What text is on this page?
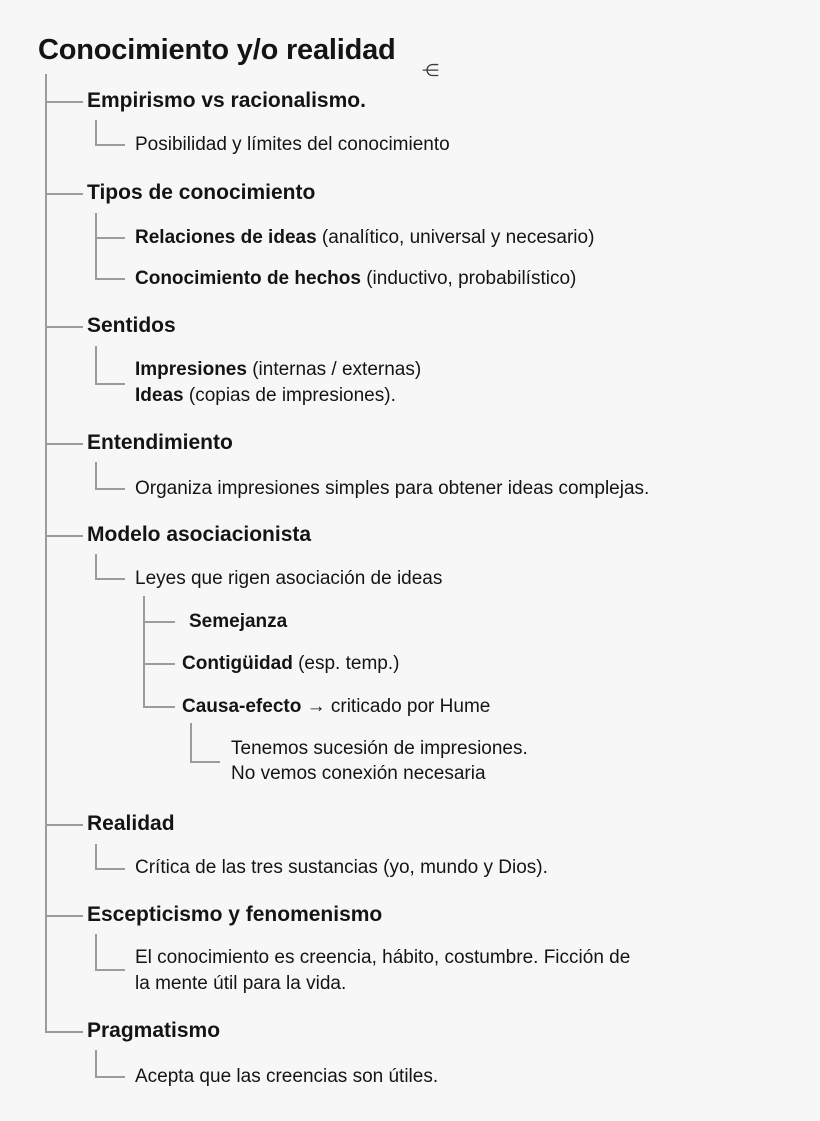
Conocimiento y/o realidad
⋲
Empirismo vs racionalismo.
Posibilidad y límites del conocimiento
Tipos de conocimiento
Relaciones de ideas (analítico, universal y necesario)
Conocimiento de hechos (inductivo, probabilístico)
Sentidos
Impresiones (internas / externas)
Ideas (copias de impresiones).
Entendimiento
Organiza impresiones simples para obtener ideas complejas.
Modelo asociacionista
Leyes que rigen asociación de ideas
Semejanza
Contigüidad (esp. temp.)
Causa-efecto → criticado por Hume
Tenemos sucesión de impresiones.
No vemos conexión necesaria
Realidad
Crítica de las tres sustancias (yo, mundo y Dios).
Escepticismo y fenomenismo
El conocimiento es creencia, hábito, costumbre. Ficción de
la mente útil para la vida.
Pragmatismo
Acepta que las creencias son útiles.
